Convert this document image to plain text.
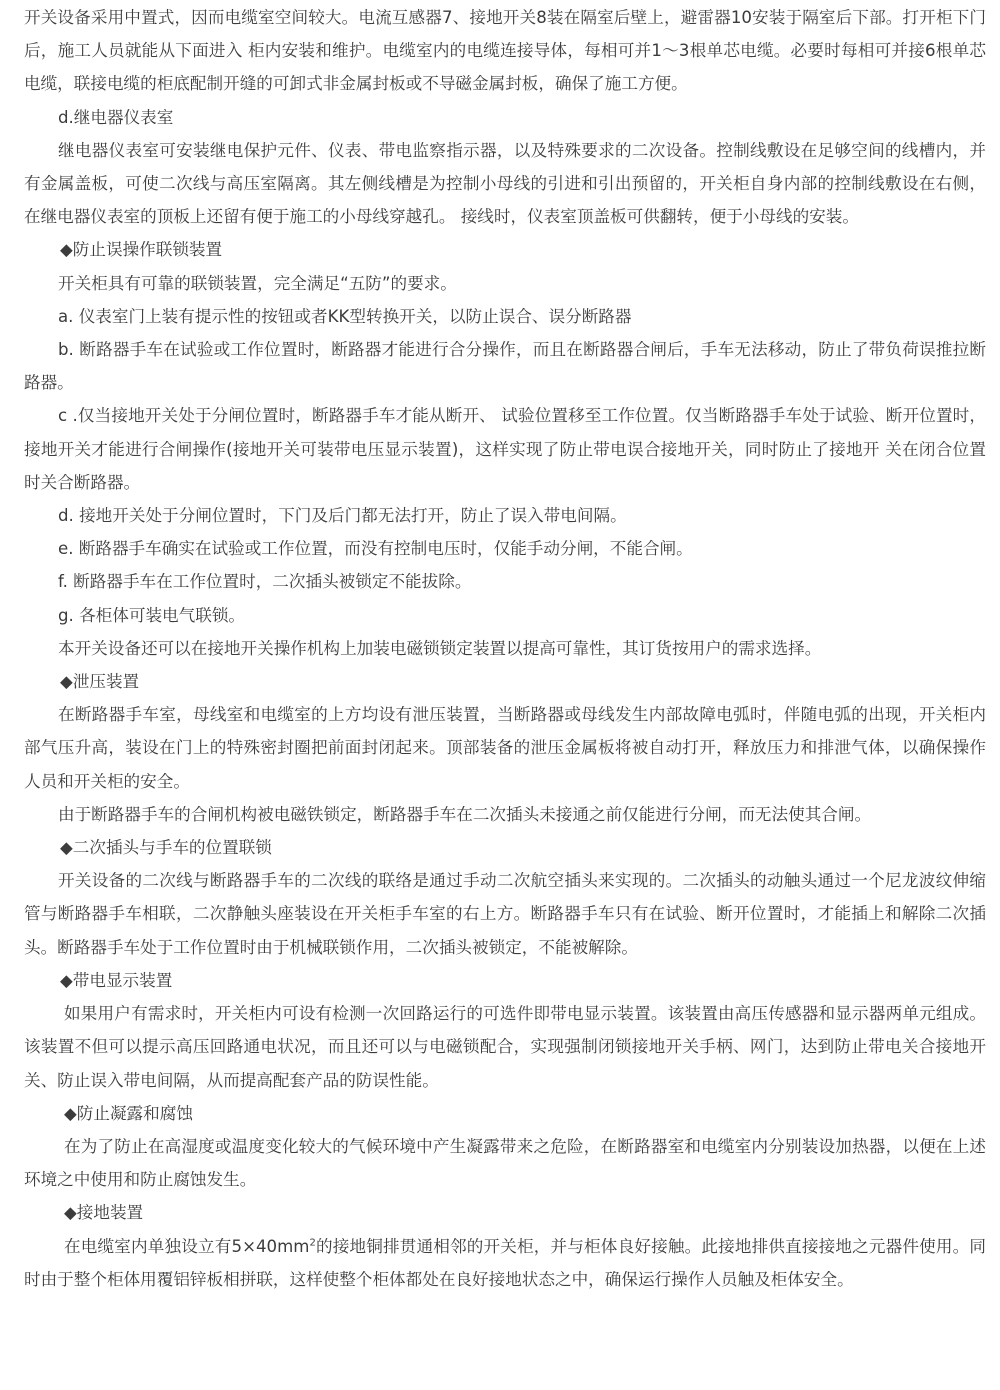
开关设备采用中置式，因而电缆室空间较大。电流互感器7、接地开关8装在隔室后壁上，避雷器10安装于隔室后下部。打开柜下门后，施工人员就能从下面进入 柜内安装和维护。电缆室内的电缆连接导体，每相可并1～3根单芯电缆。必要时每相可并接6根单芯电缆，联接电缆的柜底配制开缝的可卸式非金属封板或不导磁金属封板，确保了施工方便。

d.继电器仪表室

继电器仪表室可安装继电保护元件、仪表、带电监察指示器，以及特殊要求的二次设备。控制线敷设在足够空间的线槽内，并有金属盖板，可使二次线与高压室隔离。其左侧线槽是为控制小母线的引进和引出预留的，开关柜自身内部的控制线敷设在右侧， 在继电器仪表室的顶板上还留有便于施工的小母线穿越孔。 接线时，仪表室顶盖板可供翻转，便于小母线的安装。

◆防止误操作联锁装置

开关柜具有可靠的联锁装置，完全满足“五防”的要求。

a. 仪表室门上装有提示性的按钮或者KK型转换开关，以防止误合、误分断路器

b. 断路器手车在试验或工作位置时，断路器才能进行合分操作，而且在断路器合闸后，手车无法移动，防止了带负荷误推拉断路器。

c .仅当接地开关处于分闸位置时，断路器手车才能从断开、 试验位置移至工作位置。仅当断路器手车处于试验、断开位置时，接地开关才能进行合闸操作(接地开关可装带电压显示装置)，这样实现了防止带电误合接地开关，同时防止了接地开 关在闭合位置时关合断路器。

d. 接地开关处于分闸位置时，下门及后门都无法打开，防止了误入带电间隔。

e. 断路器手车确实在试验或工作位置，而没有控制电压时，仅能手动分闸，不能合闸。

f. 断路器手车在工作位置时，二次插头被锁定不能拔除。

g. 各柜体可装电气联锁。

本开关设备还可以在接地开关操作机构上加装电磁锁锁定装置以提高可靠性，其订货按用户的需求选择。

◆泄压装置

在断路器手车室，母线室和电缆室的上方均设有泄压装置，当断路器或母线发生内部故障电弧时，伴随电弧的出现，开关柜内部气压升高，装设在门上的特殊密封圈把前面封闭起来。顶部装备的泄压金属板将被自动打开，释放压力和排泄气体，以确保操作人员和开关柜的安全。

由于断路器手车的合闸机构被电磁铁锁定，断路器手车在二次插头未接通之前仅能进行分闸，而无法使其合闸。

◆二次插头与手车的位置联锁

开关设备的二次线与断路器手车的二次线的联络是通过手动二次航空插头来实现的。二次插头的动触头通过一个尼龙波纹伸缩管与断路器手车相联，二次静触头座装设在开关柜手车室的右上方。断路器手车只有在试验、断开位置时，才能插上和解除二次插头。断路器手车处于工作位置时由于机械联锁作用，二次插头被锁定，不能被解除。

◆带电显示装置

如果用户有需求时，开关柜内可设有检测一次回路运行的可选件即带电显示装置。该装置由高压传感器和显示器两单元组成。该装置不但可以提示高压回路通电状况，而且还可以与电磁锁配合，实现强制闭锁接地开关手柄、网门，达到防止带电关合接地开关、防止误入带电间隔，从而提高配套产品的防误性能。

◆防止凝露和腐蚀

在为了防止在高湿度或温度变化较大的气候环境中产生凝露带来之危险，在断路器室和电缆室内分别装设加热器，以便在上述环境之中使用和防止腐蚀发生。

◆接地装置

在电缆室内单独设立有$5\times 40mm^2$的接地铜排贯通相邻的开关柜，并与柜体良好接触。此接地排供直接接地之元器件使用。同时由于整个柜体用覆铝锌板相拼联，这样使整个柜体都处在良好接地状态之中，确保运行操作人员触及柜体安全。
